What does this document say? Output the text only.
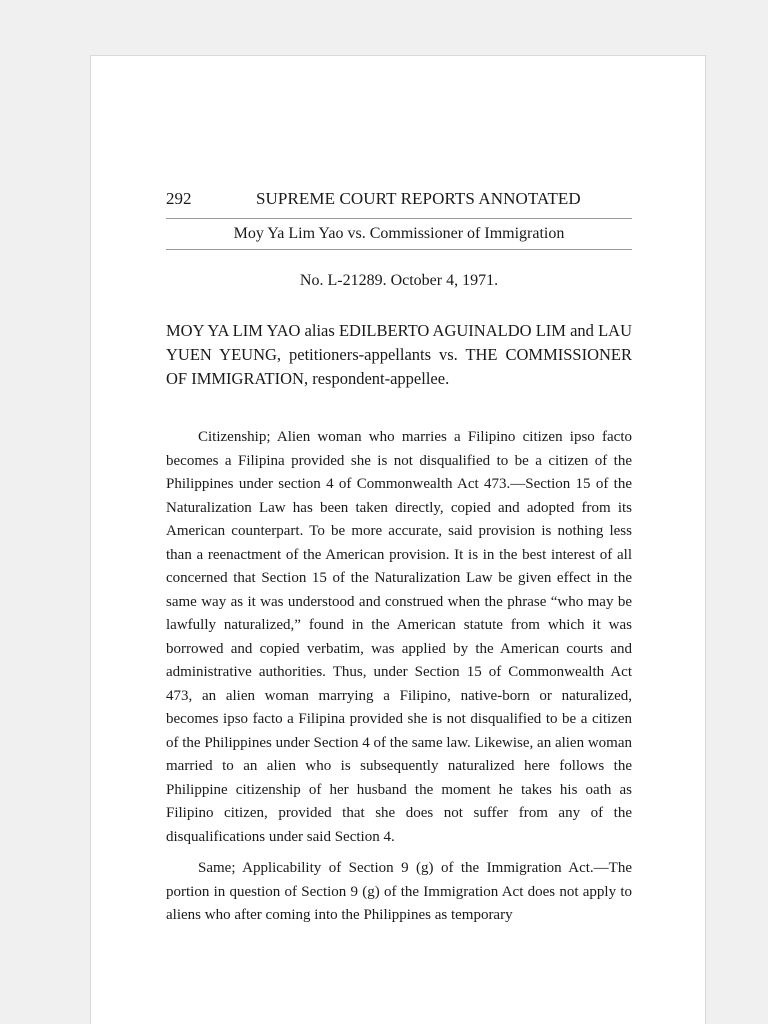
292	SUPREME COURT REPORTS ANNOTATED
Moy Ya Lim Yao vs. Commissioner of Immigration
No. L-21289. October 4, 1971.
MOY YA LIM YAO alias EDILBERTO AGUINALDO LIM and LAU YUEN YEUNG, petitioners-appellants vs. THE COMMISSIONER OF IMMIGRATION, respondent-appellee.

Citizenship; Alien woman who marries a Filipino citizen ipso facto becomes a Filipina provided she is not disqualified to be a citizen of the Philippines under section 4 of Commonwealth Act 473.—Section 15 of the Naturalization Law has been taken directly, copied and adopted from its American counterpart. To be more accurate, said provision is nothing less than a reenactment of the American provision. It is in the best interest of all concerned that Section 15 of the Naturalization Law be given effect in the same way as it was understood and construed when the phrase “who may be lawfully naturalized,” found in the American statute from which it was borrowed and copied verbatim, was applied by the American courts and administrative authorities. Thus, under Section 15 of Commonwealth Act 473, an alien woman marrying a Filipino, native-born or naturalized, becomes ipso facto a Filipina provided she is not disqualified to be a citizen of the Philippines under Section 4 of the same law. Likewise, an alien woman married to an alien who is subsequently naturalized here follows the Philippine citizenship of her husband the moment he takes his oath as Filipino citizen, provided that she does not suffer from any of the disqualifications under said Section 4.

Same; Applicability of Section 9 (g) of the Immigration Act.—The portion in question of Section 9 (g) of the Immigration Act does not apply to aliens who after coming into the Philippines as temporary
